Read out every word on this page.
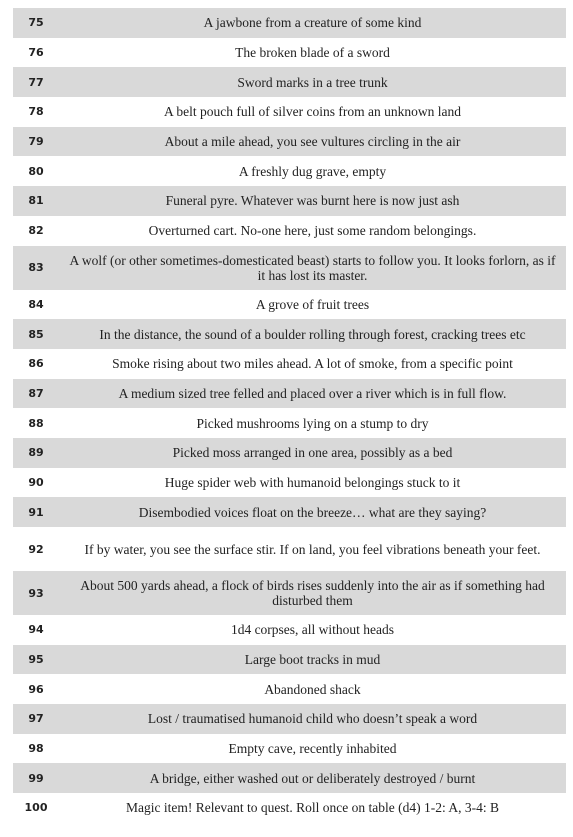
75	A jawbone from a creature of some kind
76	The broken blade of a sword
77	Sword marks in a tree trunk
78	A belt pouch full of silver coins from an unknown land
79	About a mile ahead, you see vultures circling in the air
80	A freshly dug grave, empty
81	Funeral pyre. Whatever was burnt here is now just ash
82	Overturned cart. No-one here, just some random belongings.
83	A wolf (or other sometimes-domesticated beast) starts to follow you. It looks forlorn, as if it has lost its master.
84	A grove of fruit trees
85	In the distance, the sound of a boulder rolling through forest, cracking trees etc
86	Smoke rising about two miles ahead. A lot of smoke, from a specific point
87	A medium sized tree felled and placed over a river which is in full flow.
88	Picked mushrooms lying on a stump to dry
89	Picked moss arranged in one area, possibly as a bed
90	Huge spider web with humanoid belongings stuck to it
91	Disembodied voices float on the breeze… what are they saying?
92	If by water, you see the surface stir. If on land, you feel vibrations beneath your feet.
93	About 500 yards ahead, a flock of birds rises suddenly into the air as if something had disturbed them
94	1d4 corpses, all without heads
95	Large boot tracks in mud
96	Abandoned shack
97	Lost / traumatised humanoid child who doesn’t speak a word
98	Empty cave, recently inhabited
99	A bridge, either washed out or deliberately destroyed / burnt
100	Magic item! Relevant to quest. Roll once on table (d4) 1-2: A, 3-4: B
